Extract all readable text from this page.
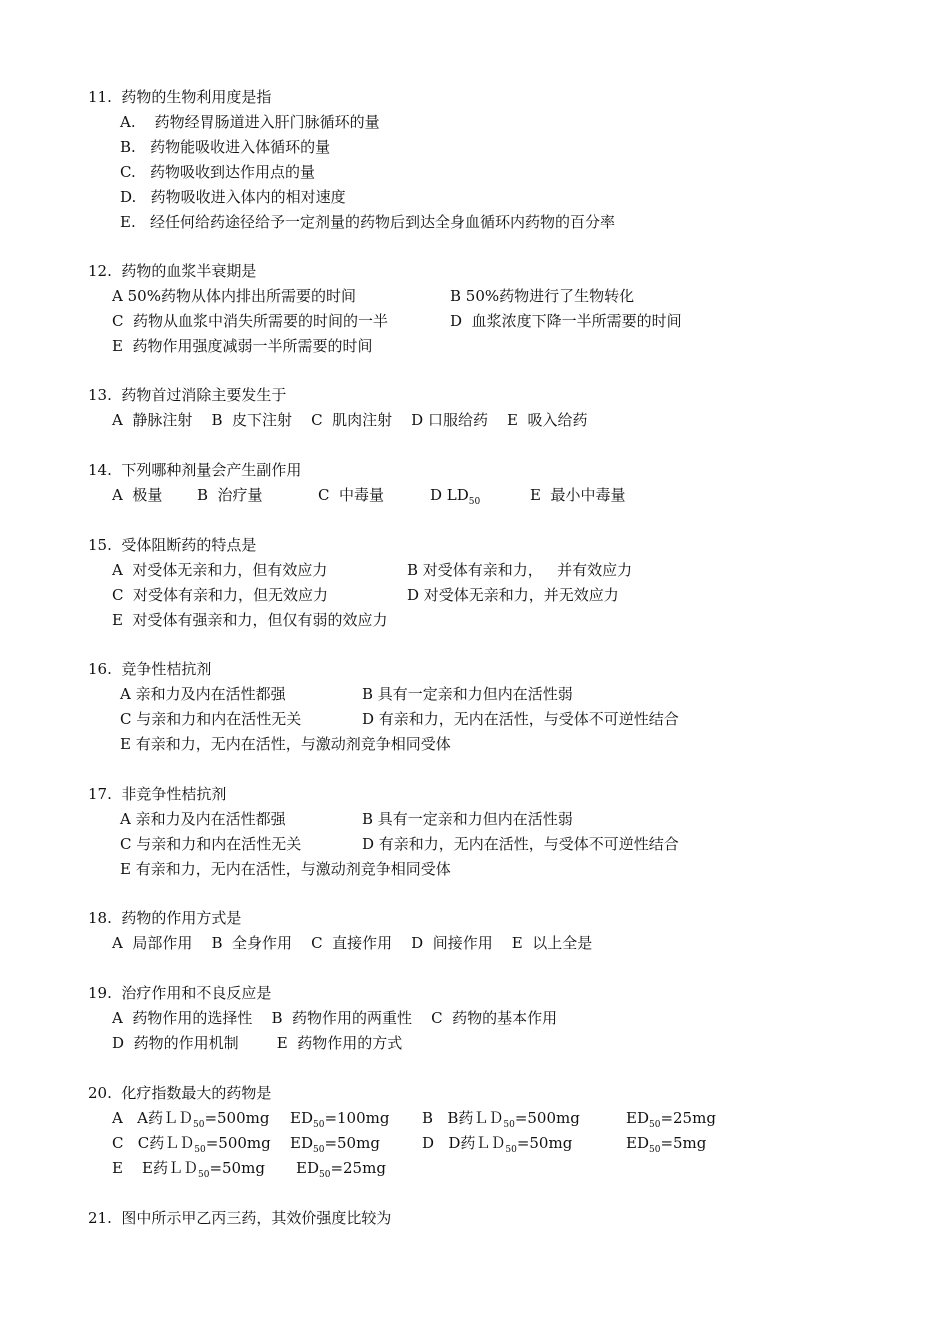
11.  药物的生物利用度是指
A.    药物经胃肠道进入肝门脉循环的量
B.   药物能吸收进入体循环的量
C.   药物吸收到达作用点的量
D.   药物吸收进入体内的相对速度
E.   经任何给药途径给予一定剂量的药物后到达全身血循环内药物的百分率
12.  药物的血浆半衰期是
A 50%药物从体内排出所需要的时间	B 50%药物进行了生物转化
C  药物从血浆中消失所需要的时间的一半	D  血浆浓度下降一半所需要的时间
E  药物作用强度减弱一半所需要的时间
13.  药物首过消除主要发生于
A  静脉注射    B  皮下注射    C  肌肉注射    D 口服给药    E  吸入给药
14.  下列哪种剂量会产生副作用
A  极量 B  治疗量	C  中毒量	D $LD_{50}$	E  最小中毒量
15.  受体阻断药的特点是
A  对受体无亲和力，但有效应力	B 对受体有亲和力，   并有效应力
C  对受体有亲和力，但无效应力	D 对受体无亲和力，并无效应力
E  对受体有强亲和力，但仅有弱的效应力
16.  竞争性桔抗剂
A 亲和力及内在活性都强	B 具有一定亲和力但内在活性弱
C 与亲和力和内在活性无关	D 有亲和力，无内在活性，与受体不可逆性结合
E 有亲和力，无内在活性，与激动剂竞争相同受体
17.  非竞争性桔抗剂
A 亲和力及内在活性都强	B 具有一定亲和力但内在活性弱
C 与亲和力和内在活性无关	D 有亲和力，无内在活性，与受体不可逆性结合
E 有亲和力，无内在活性，与激动剂竞争相同受体
18.  药物的作用方式是
A  局部作用    B  全身作用    C  直接作用    D  间接作用    E  以上全是
19.  治疗作用和不良反应是
A  药物作用的选择性    B  药物作用的两重性    C  药物的基本作用
D  药物的作用机制        E  药物作用的方式
20.  化疗指数最大的药物是
A   A药ＬＤ$_{50}$=500mg $ED_{50}=100mg$ B   B药ＬＤ$_{50}$=500mg	$ED_{50}=25mg$
C   C药ＬＤ$_{50}$=500mg $ED_{50}=50mg$	D   D药ＬＤ$_{50}$=50mg	$ED_{50}=5mg$
E    E药ＬＤ$_{50}$=50mg $ED_{50}=25mg$
21.  图中所示甲乙丙三药，其效价强度比较为
